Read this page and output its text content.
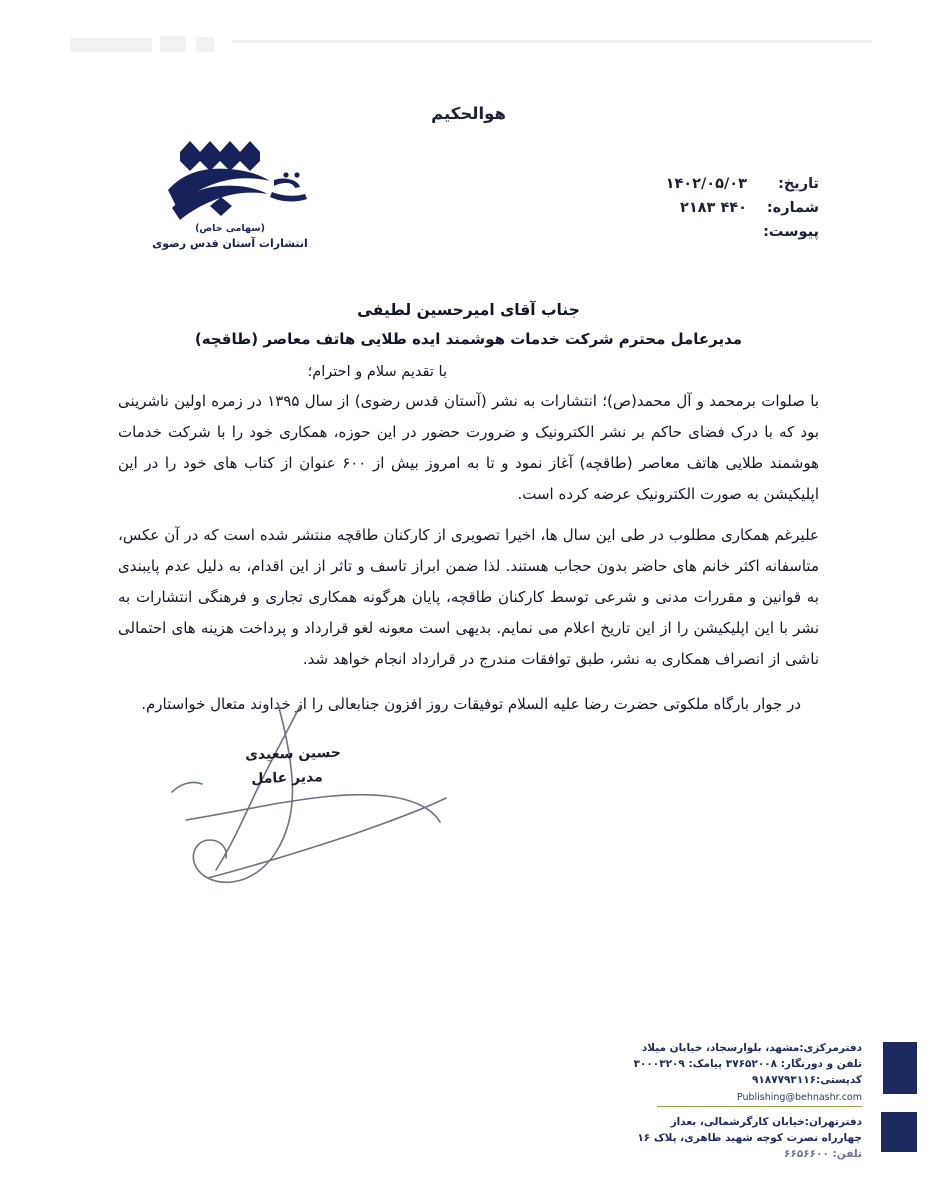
هوالحکیم
(سهامی خاص)
انتشارات آستان قدس رضوی
تاریخ:
۱۴۰۲/۰۵/۰۳
شماره:
۴۴۰ ۲۱۸۳
پیوست:
جناب آقای امیرحسین لطیفی
مدیرعامل محترم شرکت خدمات هوشمند ایده طلایی هاتف معاصر (طاقچه)
با تقدیم سلام و احترام؛

با صلوات برمحمد و آل محمد(ص)؛ انتشارات به نشر (آستان قدس رضوی) از سال ۱۳۹۵ در زمره اولین ناشرینی بود که با درک فضای حاکم بر نشر الکترونیک و ضرورت حضور در این حوزه، همکاری خود را با شرکت خدمات هوشمند طلایی هاتف معاصر (طاقچه) آغاز نمود و تا به امروز بیش از ۶۰۰ عنوان از کتاب های خود را در این اپلیکیشن به صورت الکترونیک عرضه کرده است.

علیرغم همکاری مطلوب در طی این سال ها، اخیرا تصویری از کارکنان طاقچه منتشر شده است که در آن عکس، متاسفانه اکثر خانم های حاضر بدون حجاب هستند. لذا ضمن ابراز تاسف و تاثر از این اقدام، به دلیل عدم پایبندی به قوانین و مقررات مدنی و شرعی توسط کارکنان طاقچه، پایان هرگونه همکاری تجاری و فرهنگی انتشارات به نشر با این اپلیکیشن را از این تاریخ اعلام می نمایم. بدیهی است معونه لغو قرارداد و پرداخت هزینه های احتمالی ناشی از انصراف همکاری به نشر، طبق توافقات مندرج در قرارداد انجام خواهد شد.

در جوار بارگاه ملکوتی حضرت رضا علیه السلام توفیقات روز افزون جنابعالی را از خداوند متعال خواستارم.

حسین سعیدی
مدیر عامل
دفترمرکزی:مشهد، بلوارسجاد، خیابان میلاد
تلفن و دورنگار: ۳۷۶۵۲۰۰۸ پیامک: ۳۰۰۰۳۲۰۹
کدپستی:۹۱۸۷۷۹۳۱۱۶
Publishing@behnashr.com
دفترتهران:خیابان کارگرشمالی، بعداز
چهارراه نصرت کوچه شهید طاهری، پلاک ۱۶
تلفن: ۶۶۵۶۶۰۰
